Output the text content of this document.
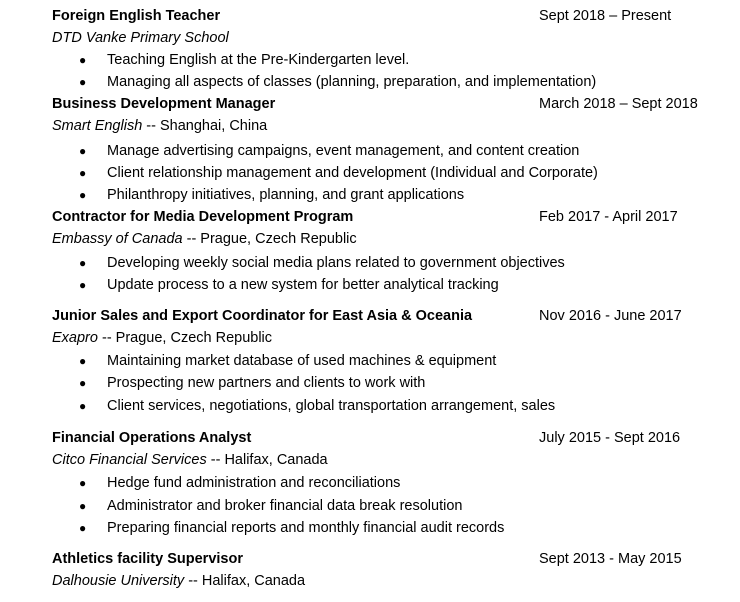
Foreign English Teacher	Sept 2018 – Present
DTD Vanke Primary School
● Teaching English at the Pre-Kindergarten level.
● Managing all aspects of classes (planning, preparation, and implementation)
Business Development Manager	March 2018 – Sept 2018
Smart English -- Shanghai, China
● Manage advertising campaigns, event management, and content creation
● Client relationship management and development (Individual and Corporate)
● Philanthropy initiatives, planning, and grant applications
Contractor for Media Development Program	Feb 2017 - April 2017
Embassy of Canada -- Prague, Czech Republic
● Developing weekly social media plans related to government objectives
● Update process to a new system for better analytical tracking
Junior Sales and Export Coordinator for East Asia & Oceania	Nov 2016 - June 2017
Exapro -- Prague, Czech Republic
● Maintaining market database of used machines & equipment
● Prospecting new partners and clients to work with
● Client services, negotiations, global transportation arrangement, sales
Financial Operations Analyst	July 2015 - Sept 2016
Citco Financial Services -- Halifax, Canada
● Hedge fund administration and reconciliations
● Administrator and broker financial data break resolution
● Preparing financial reports and monthly financial audit records
Athletics facility Supervisor	Sept 2013 - May 2015
Dalhousie University -- Halifax, Canada
